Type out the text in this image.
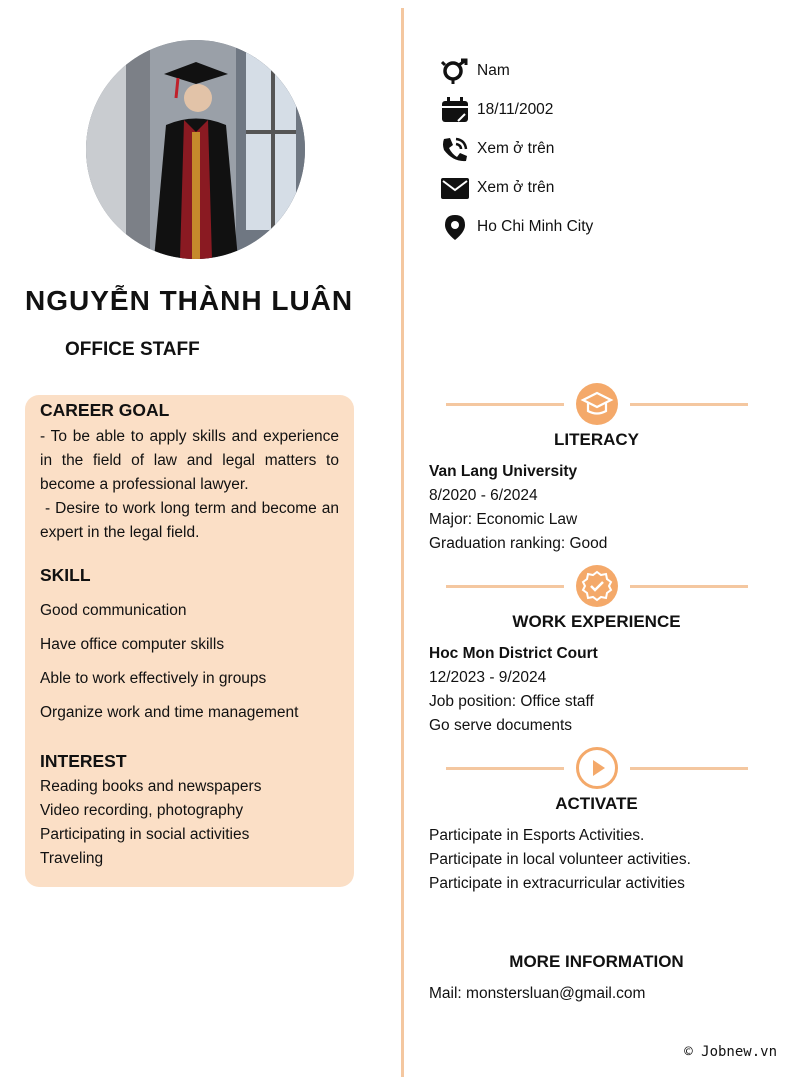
NGUYỄN THÀNH LUÂN
OFFICE STAFF
CAREER GOAL
- To be able to apply skills and experience in the field of law and legal matters to become a professional lawyer.
- Desire to work long term and become an expert in the legal field.
SKILL
Good communication
Have office computer skills
Able to work effectively in groups
Organize work and time management
INTEREST
Reading books and newspapers
Video recording, photography
Participating in social activities
Traveling
Nam
18/11/2002
Xem ở trên
Xem ở trên
Ho Chi Minh City
LITERACY
Van Lang University
8/2020 - 6/2024
Major: Economic Law
Graduation ranking: Good
WORK EXPERIENCE
Hoc Mon District Court
12/2023 - 9/2024
Job position: Office staff
Go serve documents
ACTIVATE
Participate in Esports Activities.
Participate in local volunteer activities.
Participate in extracurricular activities
MORE INFORMATION
Mail: monstersluan@gmail.com
© Jobnew.vn
